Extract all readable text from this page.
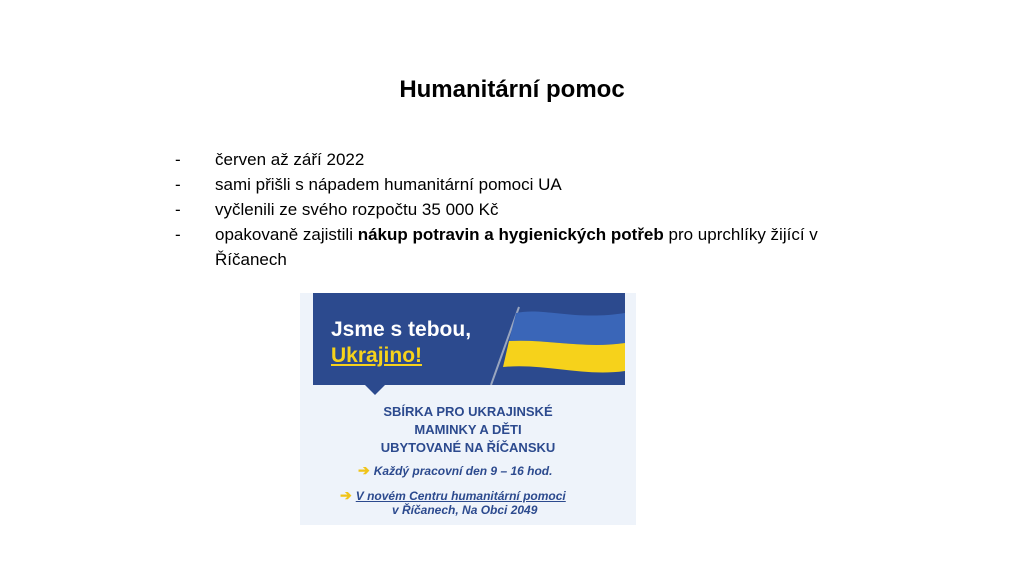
Humanitární pomoc
- červen až září 2022
- sami přišli s nápadem humanitární pomoci UA
- vyčlenili ze svého rozpočtu 35 000 Kč
- opakovaně zajistili nákup potravin a hygienických potřeb pro uprchlíky žijící v Říčanech
Jsme s tebou,
Ukrajino!
SBÍRKA PRO UKRAJINSKÉ
MAMINKY A DĚTI
UBYTOVANÉ NA ŘÍČANSKU
➔ Každý pracovní den 9 – 16 hod.
➔ V novém Centru humanitární pomoci
v Říčanech, Na Obci 2049
